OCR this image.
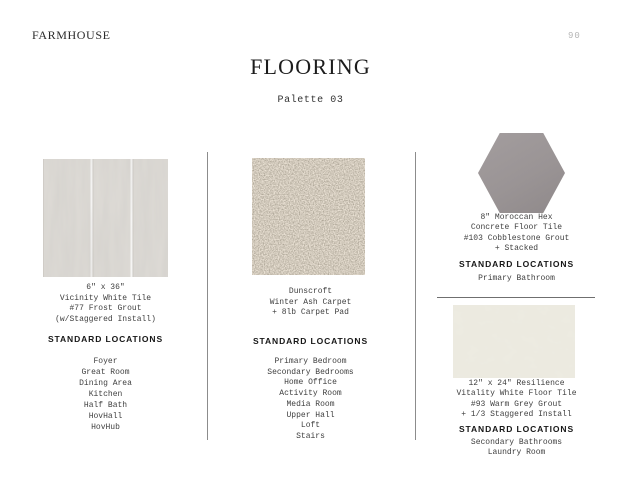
FARMHOUSE	90
FLOORING
Palette 03
6" x 36"
Vicinity White Tile
#77 Frost Grout
(w/Staggered Install)
STANDARD LOCATIONS
Foyer
Great Room
Dining Area
Kitchen
Half Bath
HovHall
HovHub
Dunscroft
Winter Ash Carpet
+ 8lb Carpet Pad
STANDARD LOCATIONS
Primary Bedroom
Secondary Bedrooms
Home Office
Activity Room
Media Room
Upper Hall
Loft
Stairs
8" Moroccan Hex
Concrete Floor Tile
#103 Cobblestone Grout
+ Stacked
STANDARD LOCATIONS
Primary Bathroom
12" x 24" Resilience
Vitality White Floor Tile
#93 Warm Grey Grout
+ 1/3 Staggered Install
STANDARD LOCATIONS
Secondary Bathrooms
Laundry Room
